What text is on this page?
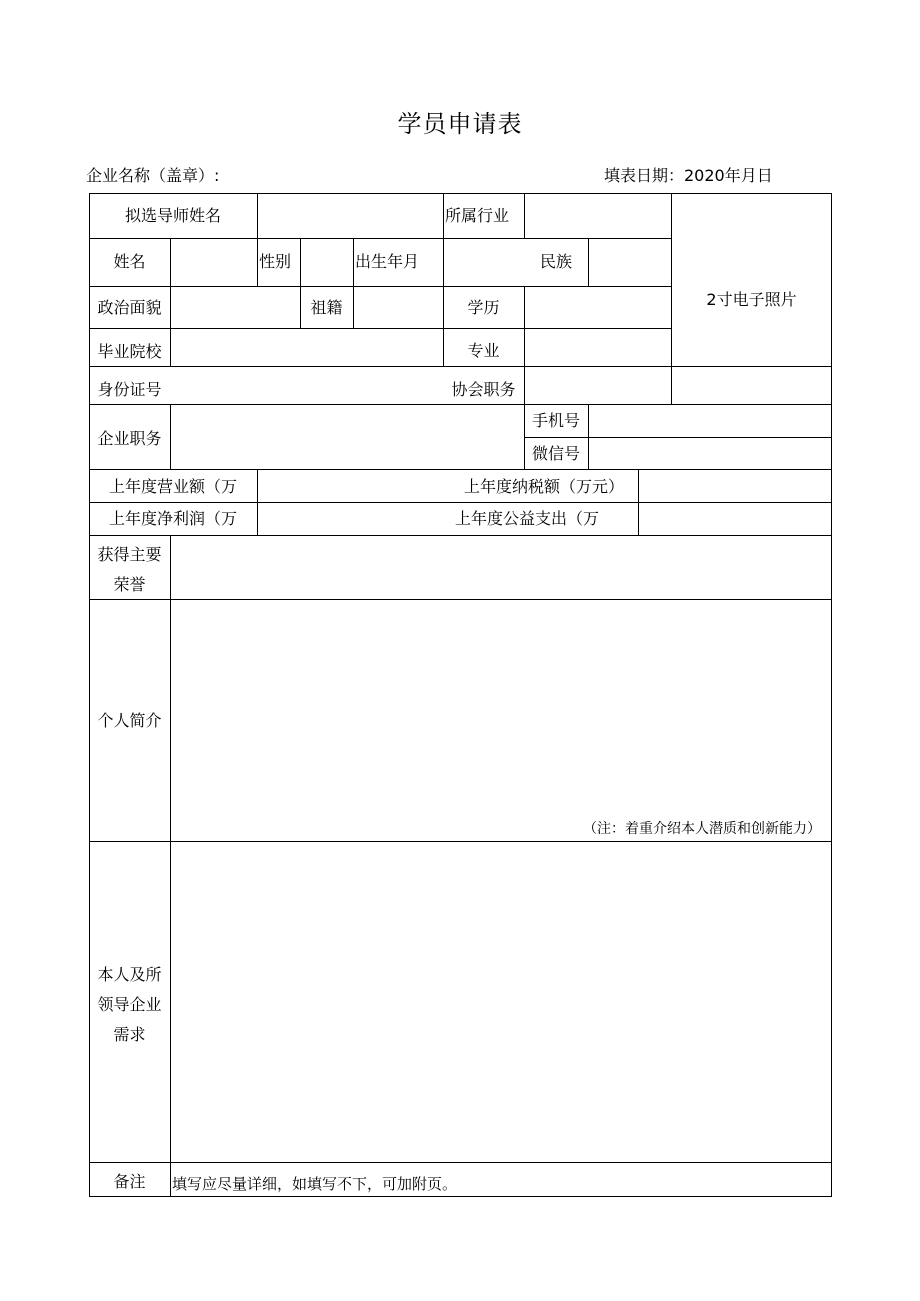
学员申请表
企业名称（盖章）:	填表日期：2020年月日
拟选导师姓名	所属行业
2寸电子照片
姓名	性别	出生年月	民族
政治面貌	祖籍	学历
毕业院校	专业
身份证号	协会职务
企业职务
手机号
微信号
上年度营业额（万	上年度纳税额（万元）
上年度净利润（万	上年度公益支出（万
获得主要
荣誉
个人简介
（注：着重介绍本人潜质和创新能力）
本人及所
领导企业
需求
备注	填写应尽量详细，如填写不下，可加附页。
